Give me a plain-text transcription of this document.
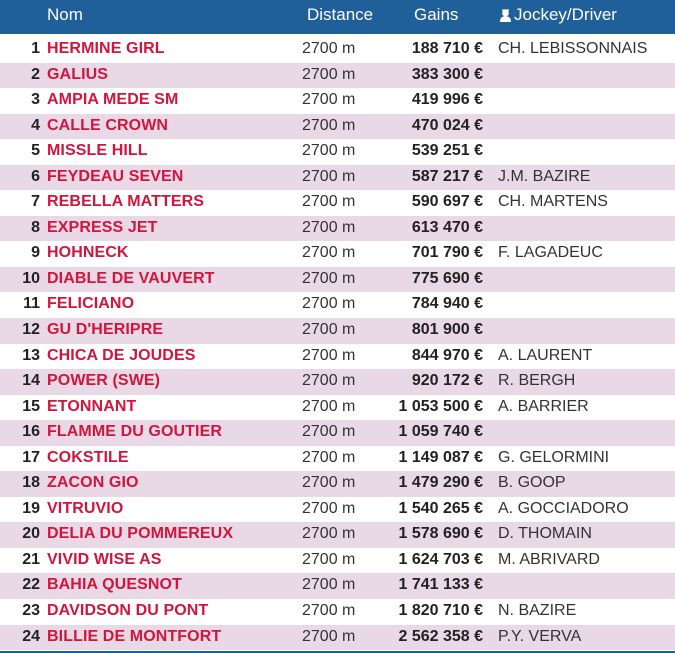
Nom	Distance Gains	Jockey/Driver
1 HERMINE GIRL	2700 m	188 710 € CH. LEBISSONNAIS
2 GALIUS	2700 m	383 300 €
3 AMPIA MEDE SM	2700 m	419 996 €
4 CALLE CROWN	2700 m	470 024 €
5 MISSLE HILL	2700 m	539 251 €
6 FEYDEAU SEVEN	2700 m	587 217 € J.M. BAZIRE
7 REBELLA MATTERS	2700 m	590 697 € CH. MARTENS
8 EXPRESS JET	2700 m	613 470 €
9 HOHNECK	2700 m	701 790 € F. LAGADEUC
10 DIABLE DE VAUVERT	2700 m	775 690 €
11 FELICIANO	2700 m	784 940 €
12 GU D'HERIPRE	2700 m	801 900 €
13 CHICA DE JOUDES	2700 m	844 970 € A. LAURENT
14 POWER (SWE)	2700 m	920 172 € R. BERGH
15 ETONNANT	2700 m	1 053 500 € A. BARRIER
16 FLAMME DU GOUTIER	2700 m	1 059 740 €
17 COKSTILE	2700 m	1 149 087 € G. GELORMINI
18 ZACON GIO	2700 m	1 479 290 € B. GOOP
19 VITRUVIO	2700 m	1 540 265 € A. GOCCIADORO
20 DELIA DU POMMEREUX	2700 m	1 578 690 € D. THOMAIN
21 VIVID WISE AS	2700 m	1 624 703 € M. ABRIVARD
22 BAHIA QUESNOT	2700 m	1 741 133 €
23 DAVIDSON DU PONT	2700 m	1 820 710 € N. BAZIRE
24 BILLIE DE MONTFORT	2700 m	2 562 358 € P.Y. VERVA
